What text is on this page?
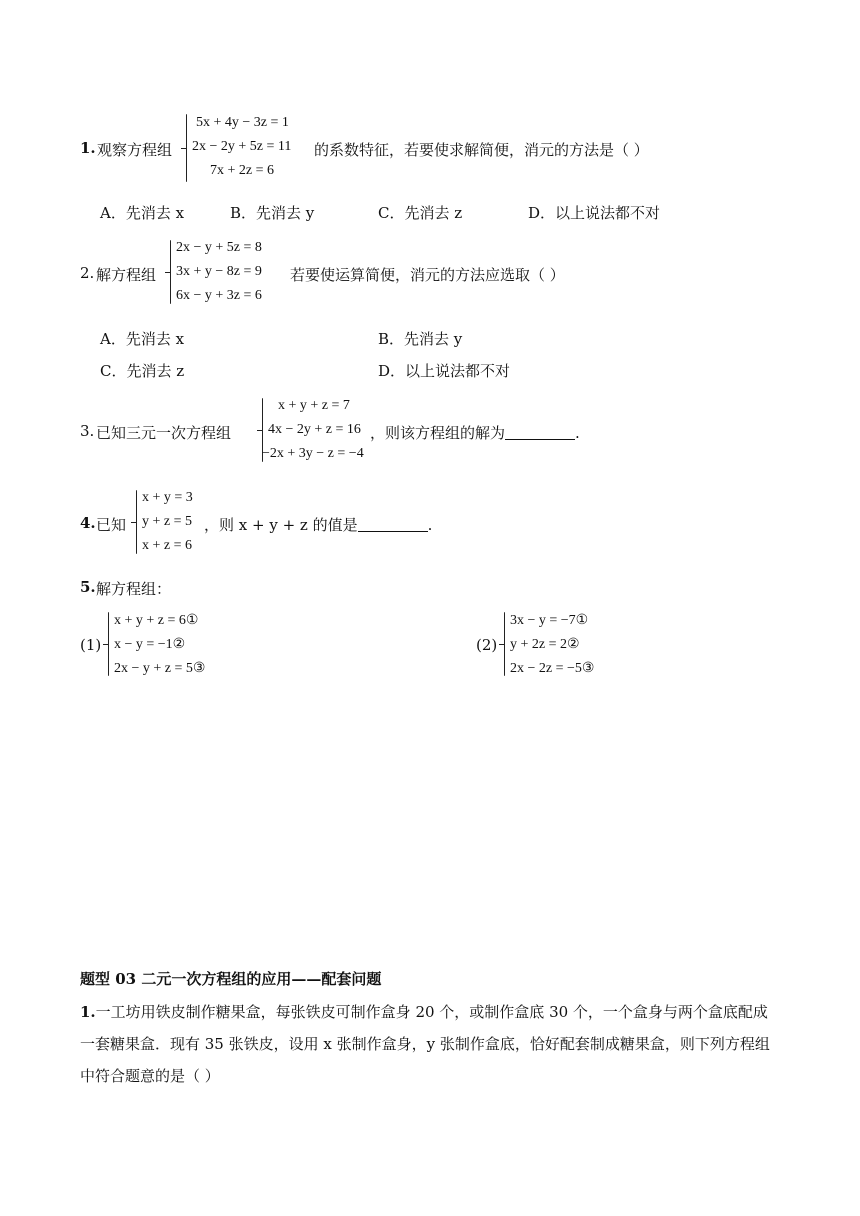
1. 观察方程组
5x + 4y − 3z = 1
2x − 2y + 5z = 11
7x + 2z = 6
的系数特征，若要使求解简便，消元的方法是（ ）
A．先消去 x	B．先消去 y	C．先消去 z	D．以上说法都不对
2. 解方程组
2x − y + 5z = 8
3x + y − 8z = 9
6x − y + 3z = 6
若要使运算简便，消元的方法应选取（ ）
A．先消去 x	B．先消去 y
C．先消去 z	D．以上说法都不对
3. 已知三元一次方程组
x + y + z = 7
4x − 2y + z = 16
−2x + 3y − z = −4
，则该方程组的解为	.
4. 已知
x + y = 3
y + z = 5
x + z = 6
，则 x + y + z 的值是	.
5. 解方程组：
(1)
x + y + z = 6①
x − y = −1②
2x − y + z = 5③
(2)
3x − y = −7①
y + 2z = 2②
2x − 2z = −5③
题型 03 二元一次方程组的应用——配套问题
1.一工坊用铁皮制作糖果盒，每张铁皮可制作盒身 20 个，或制作盒底 30 个，一个盒身与两个盒底配成一套糖果盒．现有 35 张铁皮，设用 x 张制作盒身，y 张制作盒底，恰好配套制成糖果盒，则下列方程组中符合题意的是（ ）
